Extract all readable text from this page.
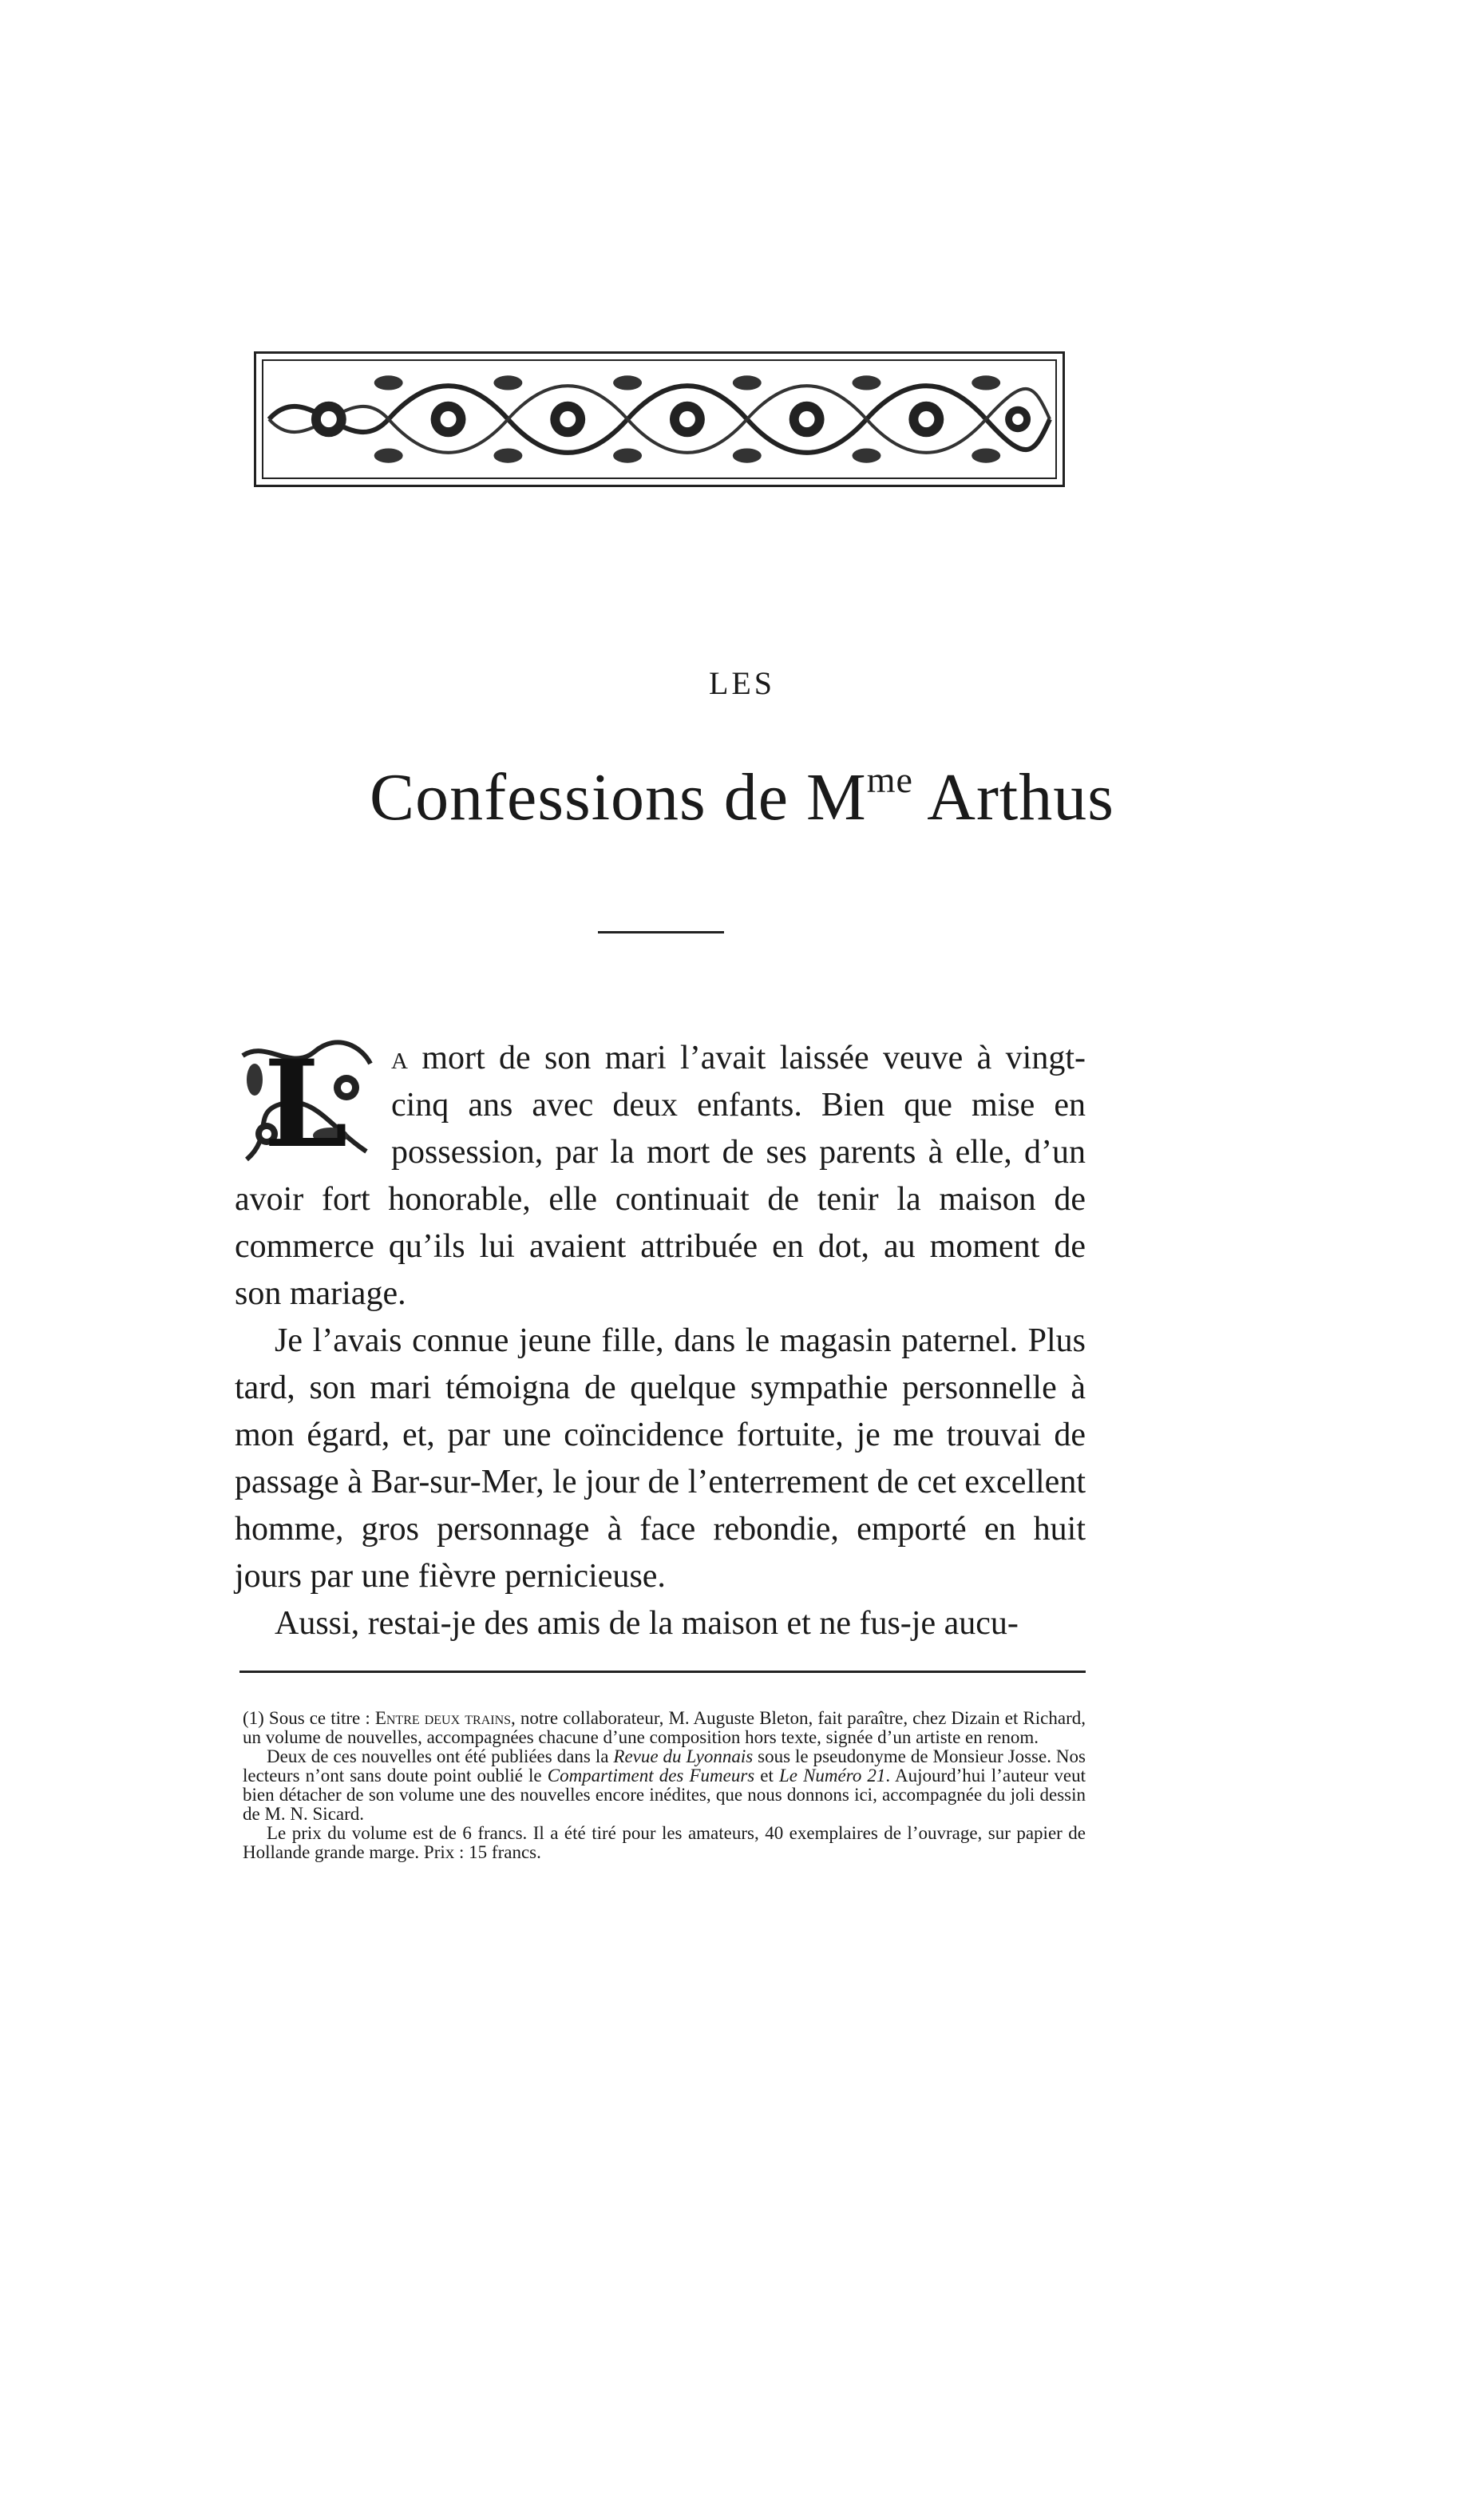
LES
Confessions de $M^{me}$ Arthus

L a mort de son mari l’avait laissée veuve à vingt-cinq ans avec deux enfants. Bien que mise en possession, par la mort de ses parents à elle, d’un avoir fort honorable, elle continuait de tenir la maison de commerce qu’ils lui avaient attribuée en dot, au moment de son mariage.

Je l’avais connue jeune fille, dans le magasin paternel. Plus tard, son mari témoigna de quelque sympathie personnelle à mon égard, et, par une coïncidence fortuite, je me trouvai de passage à Bar-sur-Mer, le jour de l’enterrement de cet excellent homme, gros personnage à face rebondie, emporté en huit jours par une fièvre pernicieuse.

Aussi, restai-je des amis de la maison et ne fus-je aucu-

(1) Sous ce titre : Entre deux trains, notre collaborateur, M. Auguste Bleton, fait paraître, chez Dizain et Richard, un volume de nouvelles, accompagnées chacune d’une composition hors texte, signée d’un artiste en renom.

Deux de ces nouvelles ont été publiées dans la Revue du Lyonnais sous le pseudonyme de Monsieur Josse. Nos lecteurs n’ont sans doute point oublié le Compartiment des Fumeurs et Le Numéro 21. Aujourd’hui l’auteur veut bien détacher de son volume une des nouvelles encore inédites, que nous donnons ici, accompagnée du joli dessin de M. N. Sicard.

Le prix du volume est de 6 francs. Il a été tiré pour les amateurs, 40 exemplaires de l’ouvrage, sur papier de Hollande grande marge. Prix : 15 francs.
